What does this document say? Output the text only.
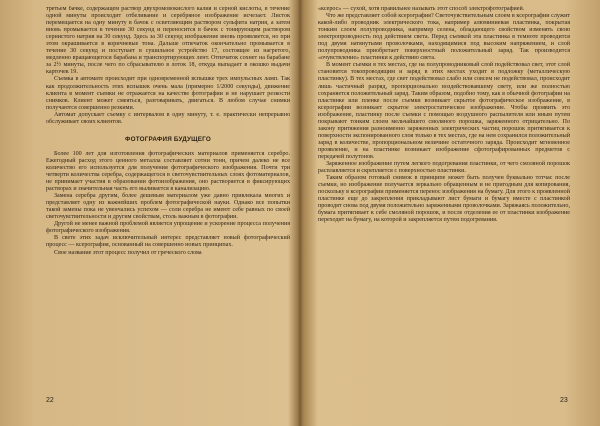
третьем бачке, содержащем раствор двухромовокислого калия и серной кислоты, в течение одной минуты происходит отбеливание и серебряное изображение исчезает. Листок перемещается на одну минуту в бачок с осветляющим раствором сульфита натрия, а затем вновь промывается в течение 30 секунд и переносится в бачок с тонирующим раствором сернистого натрия на 30 секунд. Здесь за 30 секунд изображение вновь проявляется, но при этом окрашивается в коричневые тона. Дальше отпечаток окончательно промывается в течение 30 секунд и поступает в сушильное устройство 17, состоящее из нагретого, медленно вращающегося барабана и транспортирующих лент. Отпечаток сохнет на барабане за 2½ минуты, после чего по сбрасывателю в лоток 18, откуда выпадает в окошко выдачи карточек 19.

Съемка в автомате происходит при одновременной вспышке трех импульсных ламп. Так как продолжительность этих вспышек очень мала (примерно 1/2000 секунды), движение клиента в момент съемки не отражается на качестве фотографии и не нарушает резкости снимков. Клиент может смеяться, разговаривать, двигаться. В любом случае снимки получаются совершенно резкими.

Автомат допускает съемку с интервалом в одну минуту, т. е. практически непрерывно обслуживает своих клиентов.

ФОТОГРАФИЯ БУДУЩЕГО

Более 100 лет для изготовления фотографических материалов применяется серебро. Ежегодный расход этого ценного металла составляет сотни тонн, причем далеко не все количество его используется для получения фотографического изображения. Почти три четверти количества серебра, содержащегося в светочувствительных слоях фотоматериалов, не принимает участия в образовании фотоизображения, оно растворяется в фиксирующих растворах и значительная часть его выливается в канализацию.

Замена серебра другим, более дешевым материалом уже давно привлекала многих и представляет одну из важнейших проблем фотографической науки. Однако все попытки такой замены пока не увенчались успехом — соли серебра не имеют себе равных по своей светочувствительности и другим свойствам, столь важным в фотографии.

Другой не менее важной проблемой является упрощение и ускорение процесса получения фотографического изображения.

В свете этих задач исключительный интерес представляет новый фотографический процесс — ксерография, основанный на совершенно новых принципах.

Свое название этот процесс получил от греческого слова

22

«ксерос» — сухой, хотя правильнее называть этот способ электрофотографией.

Что же представляет собой ксерография? Светочувствительным слоем в ксерографии служит какой-либо проводник электрического тока, например алюминиевая пластинка, покрытая тонким слоем полупроводника, например селена, обладающего свойством изменять свою электропроводность под действием света. Перед съемкой эта пластинка в темноте проводится под двумя натянутыми проволочками, находящимися под высоким напряжением, и слой полупроводника приобретает поверхностный положительный заряд. Так производится «очувствление» пластинки к действию света.

В момент съемки в тех местах, где на полупроводниковый слой подействовал свет, этот слой становится токопроводящим и заряд в этих местах уходит в подложку (металлическую пластинку). В тех местах, где свет подействовал слабо или совсем не подействовал, происходит лишь частичный разряд, пропорционально воздействовавшему свету, или же полностью сохраняется положительный заряд. Таким образом, подобно тому, как в обычной фотографии на пластинке или пленке после съемки возникает скрытое фотографическое изображение, в ксерографии возникает скрытое электростатическое изображение. Чтобы проявить это изображение, пластинку после съемки с помощью воздушного распылителя или иным путем покрывают тонким слоем мельчайшего смоляного порошка, заряженного отрицательно. По закону притяжения разноименно заряженных электрических частиц порошок притягивается к поверхности экспонированного слоя только в тех местах, где на нем сохранился положительный заряд в количестве, пропорциональном величине остаточного заряда. Происходит мгновенное проявление, и на пластинке возникает изображение сфотографированных предметов с передачей полутонов.

Заряженное изображение путем легкого подогревания пластинки, от чего смоляной порошок расплавляется и скрепляется с поверхностью пластинки.

Таким образом готовый снимок в принципе может быть получен буквально тотчас после съемки, но изображение получается зеркально обращенным и не пригодным для копирования, поскольку в ксерографии применяется перенос изображения на бумагу. Для этого к проявленной пластинке еще до закрепления прикладывают лист бумаги и бумагу вместе с пластинкой проводят снова под двумя положительно заряженными проволочками. Заряжаясь положительно, бумага притягивает к себе смоляной порошок, и после отделения ее от пластинки изображение переходит на бумагу, на которой и закрепляется путем подогревания.

23
